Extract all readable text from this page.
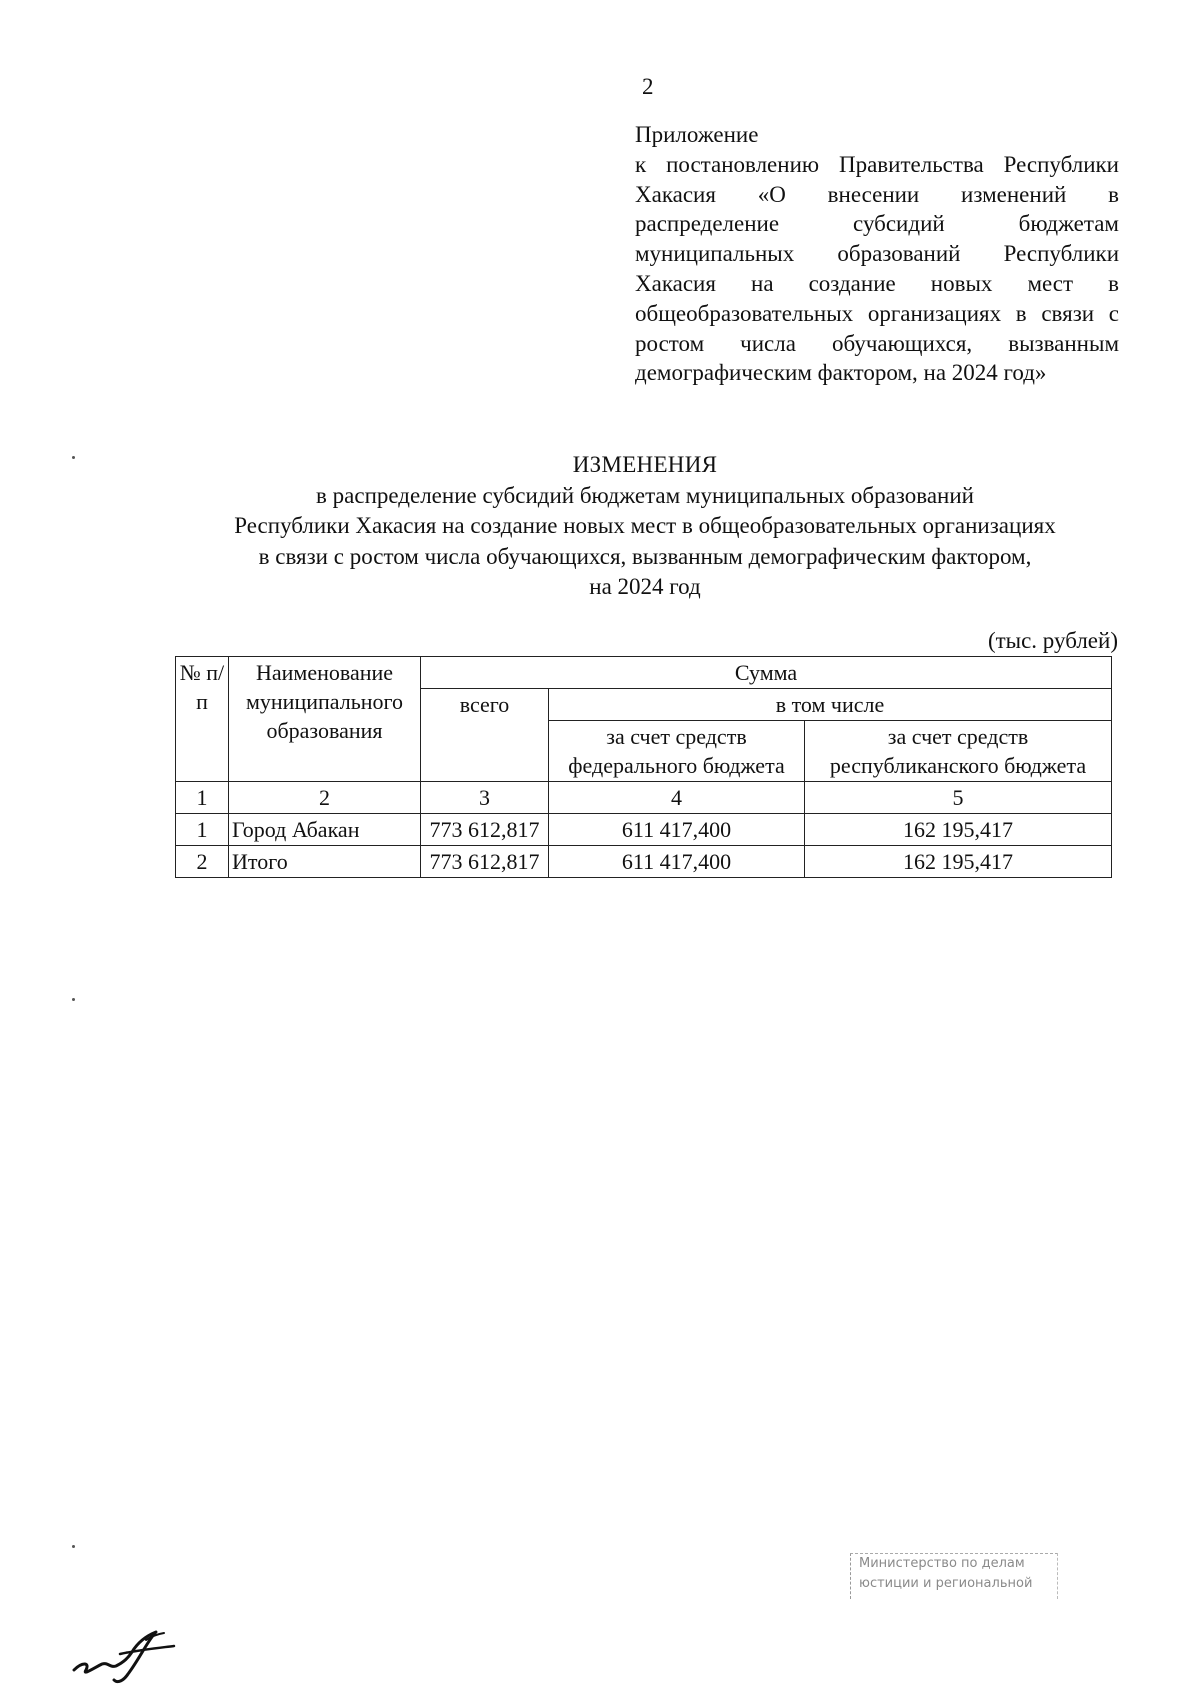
2
Приложение
к постановлению Правительства Республики Хакасия «О внесении изменений в распределение субсидий бюджетам муниципальных образований Республики Хакасия на создание новых мест в общеобразовательных организациях в связи с ростом числа обучающихся, вызванным демографическим фактором, на 2024 год»
ИЗМЕНЕНИЯ
в распределение субсидий бюджетам муниципальных образований
Республики Хакасия на создание новых мест в общеобразовательных организациях
в связи с ростом числа обучающихся, вызванным демографическим фактором,
на 2024 год
(тыс. рублей)
№ п/п	Наименование муниципального образования	Сумма		
		всего	в том числе	
			за счет средств федерального бюджета	за счет средств республиканского бюджета
1	2	3	4	5
1	Город Абакан	773 612,817	611 417,400	162 195,417
2	Итого	773 612,817	611 417,400	162 195,417
Министерство по делам
юстиции и региональной
